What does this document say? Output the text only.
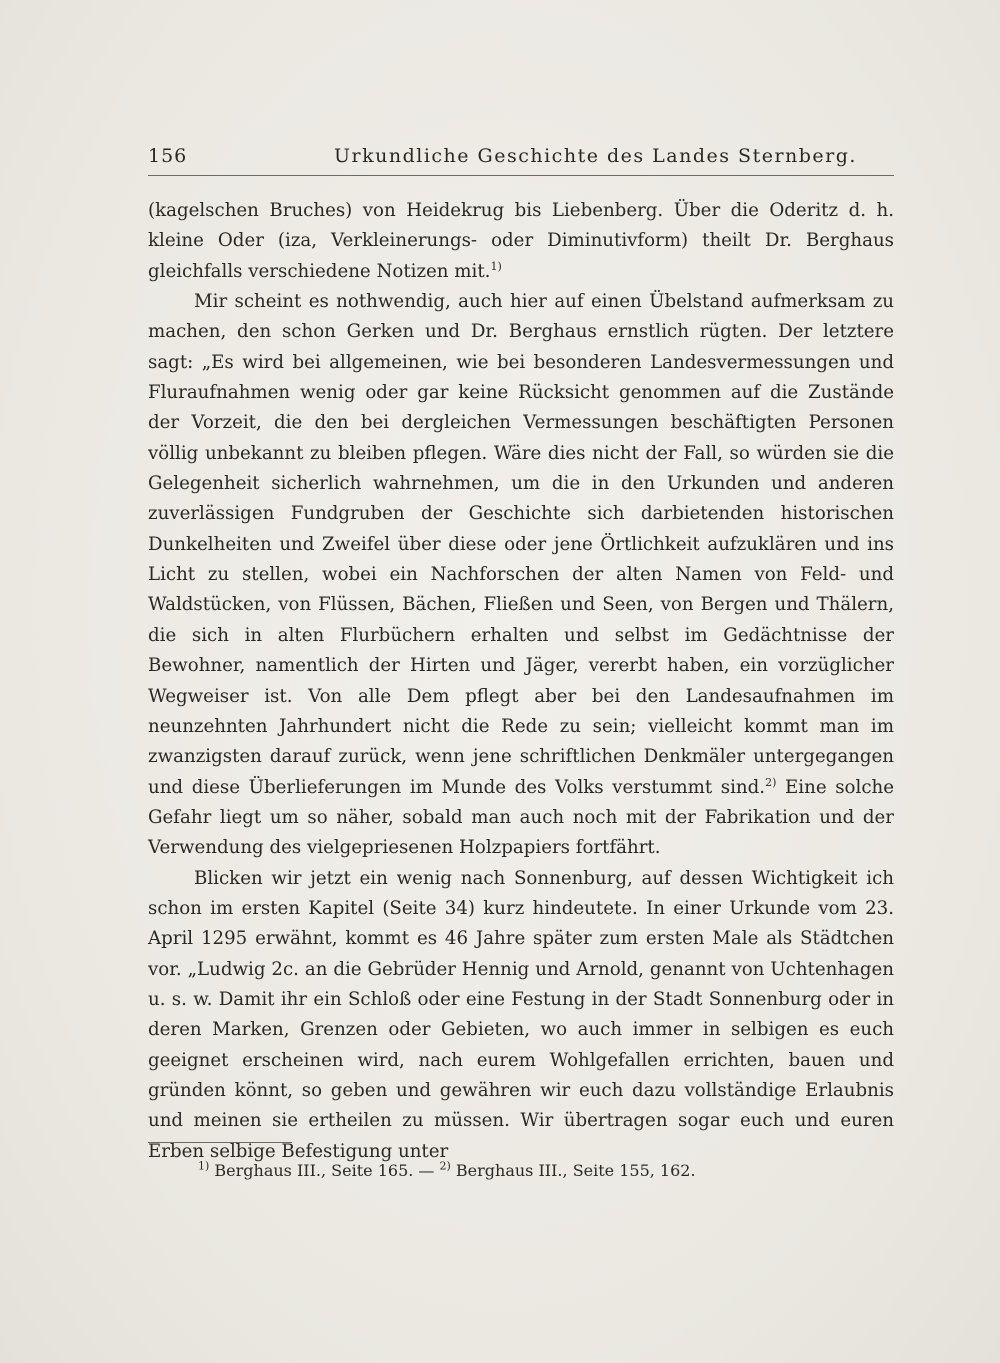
156	Urkundliche Geschichte des Landes Sternberg.

(kagelschen Bruches) von Heidekrug bis Liebenberg. Über die Oderitz d. h. kleine Oder (iza, Verkleinerungs- oder Diminutivform) theilt Dr. Berghaus gleichfalls verschiedene Notizen mit.$^{1)}$

Mir scheint es nothwendig, auch hier auf einen Übelstand aufmerksam zu machen, den schon Gerken und Dr. Berghaus ernstlich rügten. Der letztere sagt: „Es wird bei allgemeinen, wie bei besonderen Landesvermessungen und Fluraufnahmen wenig oder gar keine Rücksicht genommen auf die Zustände der Vorzeit, die den bei dergleichen Vermessungen beschäftigten Personen völlig unbekannt zu bleiben pflegen. Wäre dies nicht der Fall, so würden sie die Gelegenheit sicherlich wahrnehmen, um die in den Urkunden und anderen zuverlässigen Fundgruben der Geschichte sich darbietenden historischen Dunkelheiten und Zweifel über diese oder jene Örtlichkeit aufzuklären und ins Licht zu stellen, wobei ein Nachforschen der alten Namen von Feld- und Waldstücken, von Flüssen, Bächen, Fließen und Seen, von Bergen und Thälern, die sich in alten Flurbüchern erhalten und selbst im Gedächtnisse der Bewohner, namentlich der Hirten und Jäger, vererbt haben, ein vorzüglicher Wegweiser ist. Von alle Dem pflegt aber bei den Landesaufnahmen im neunzehnten Jahrhundert nicht die Rede zu sein; vielleicht kommt man im zwanzigsten darauf zurück, wenn jene schriftlichen Denkmäler untergegangen und diese Überlieferungen im Munde des Volks verstummt sind.$^{2)}$ Eine solche Gefahr liegt um so näher, sobald man auch noch mit der Fabrikation und der Verwendung des vielgepriesenen Holzpapiers fortfährt.

Blicken wir jetzt ein wenig nach Sonnenburg, auf dessen Wichtigkeit ich schon im ersten Kapitel (Seite 34) kurz hindeutete. In einer Urkunde vom 23. April 1295 erwähnt, kommt es 46 Jahre später zum ersten Male als Städtchen vor. „Ludwig 2c. an die Gebrüder Hennig und Arnold, genannt von Uchtenhagen u. s. w. Damit ihr ein Schloß oder eine Festung in der Stadt Sonnenburg oder in deren Marken, Grenzen oder Gebieten, wo auch immer in selbigen es euch geeignet erscheinen wird, nach eurem Wohlgefallen errichten, bauen und gründen könnt, so geben und gewähren wir euch dazu vollständige Erlaubnis und meinen sie ertheilen zu müssen. Wir übertragen sogar euch und euren Erben selbige Befestigung unter

$^{1)}$ Berghaus III., Seite 165. — $^{2)}$ Berghaus III., Seite 155, 162.
